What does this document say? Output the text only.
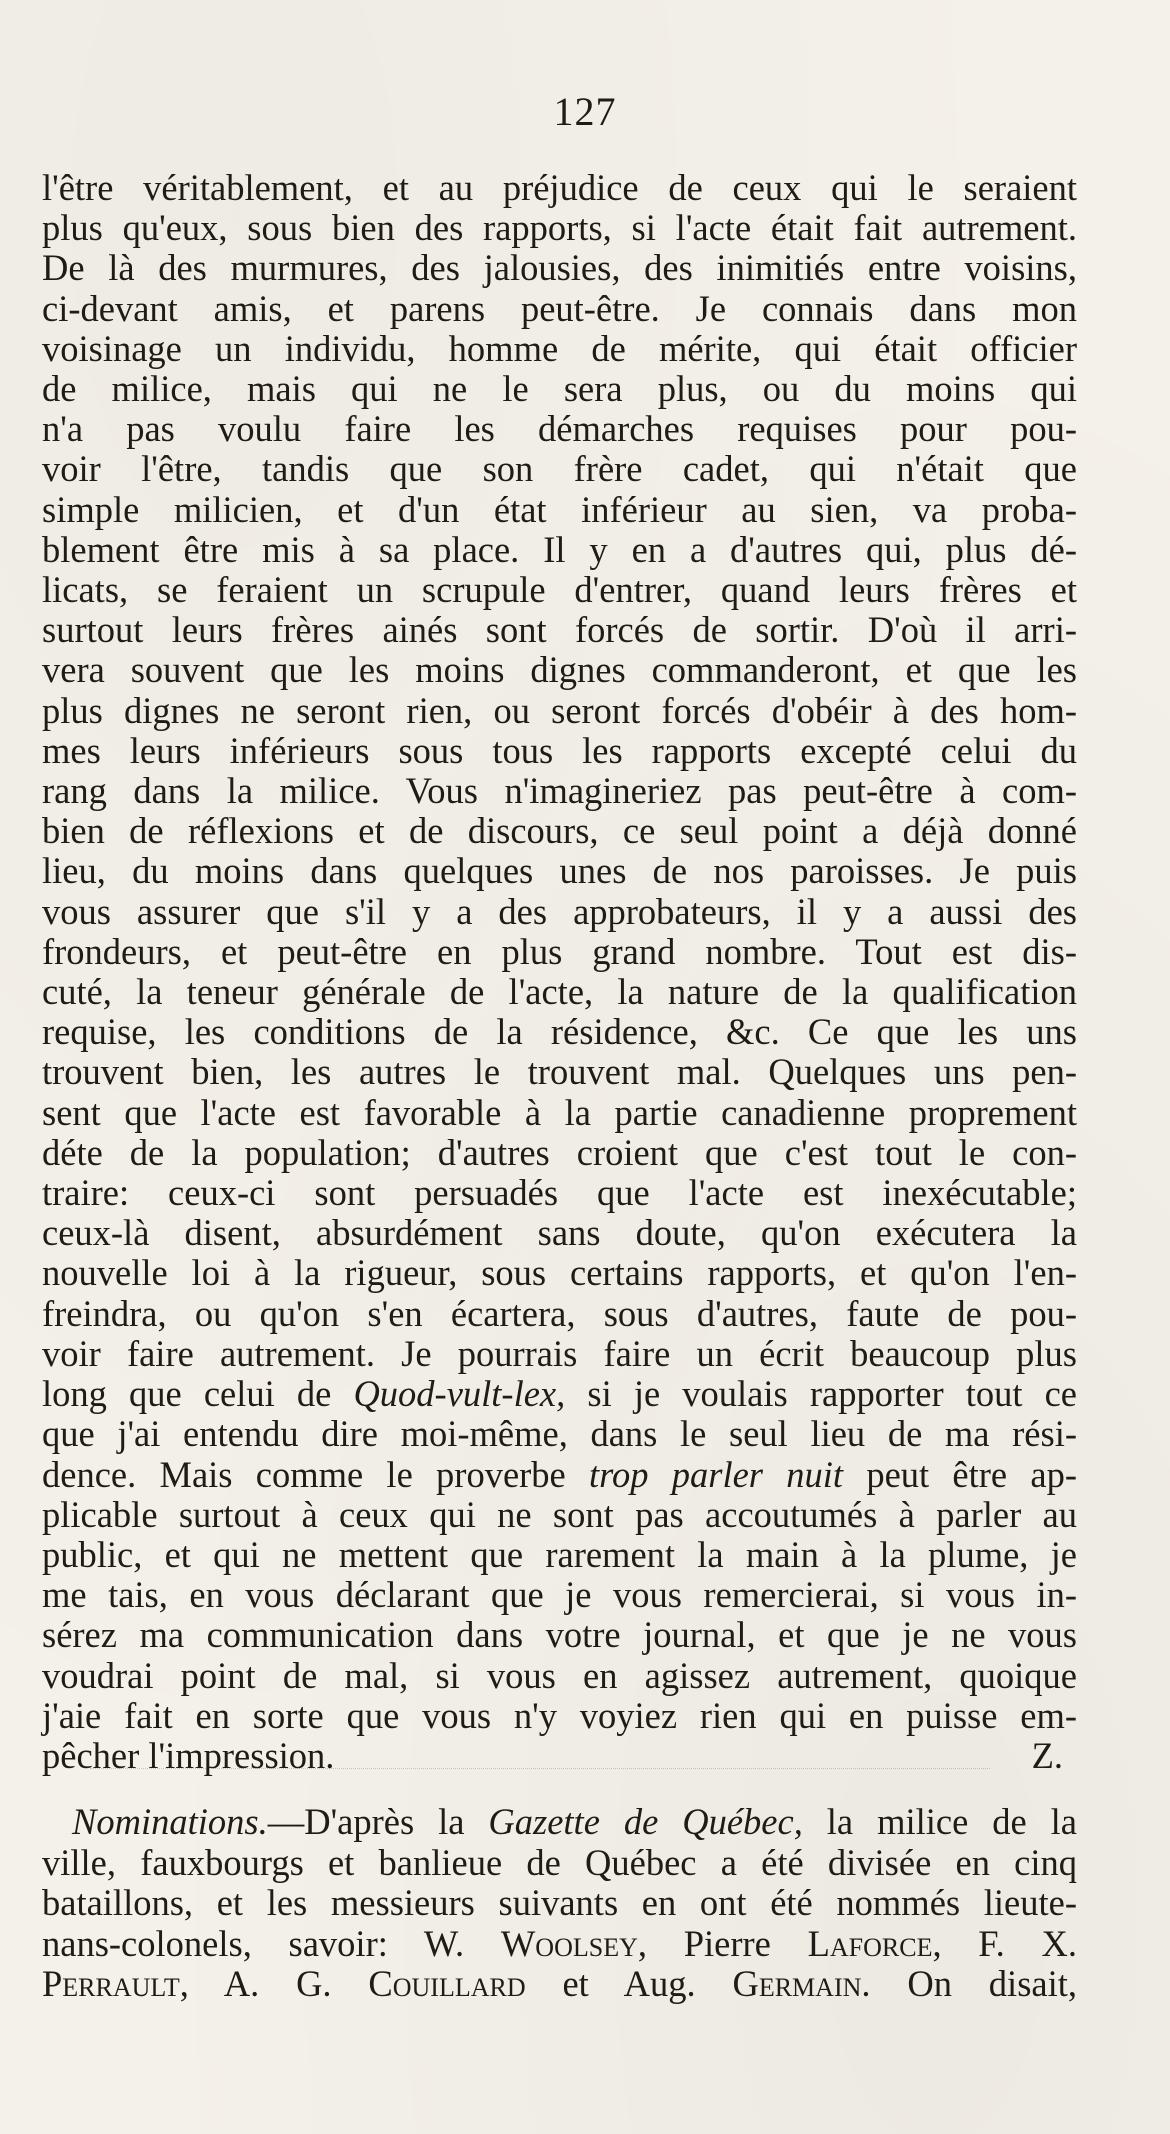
127
l'être véritablement, et au préjudice de ceux qui le seraient
plus qu'eux, sous bien des rapports, si l'acte était fait autrement.
De là des murmures, des jalousies, des inimitiés entre voisins,
ci-devant amis, et parens peut-être. Je connais dans mon
voisinage un individu, homme de mérite, qui était officier
de milice, mais qui ne le sera plus, ou du moins qui
n'a pas voulu faire les démarches requises pour pou-
voir l'être, tandis que son frère cadet, qui n'était que
simple milicien, et d'un état inférieur au sien, va proba-
blement être mis à sa place. Il y en a d'autres qui, plus dé-
licats, se feraient un scrupule d'entrer, quand leurs frères et
surtout leurs frères ainés sont forcés de sortir. D'où il arri-
vera souvent que les moins dignes commanderont, et que les
plus dignes ne seront rien, ou seront forcés d'obéir à des hom-
mes leurs inférieurs sous tous les rapports excepté celui du
rang dans la milice. Vous n'imagineriez pas peut-être à com-
bien de réflexions et de discours, ce seul point a déjà donné
lieu, du moins dans quelques unes de nos paroisses. Je puis
vous assurer que s'il y a des approbateurs, il y a aussi des
frondeurs, et peut-être en plus grand nombre. Tout est dis-
cuté, la teneur générale de l'acte, la nature de la qualification
requise, les conditions de la résidence, &c. Ce que les uns
trouvent bien, les autres le trouvent mal. Quelques uns pen-
sent que l'acte est favorable à la partie canadienne proprement
déte de la population; d'autres croient que c'est tout le con-
traire: ceux-ci sont persuadés que l'acte est inexécutable;
ceux-là disent, absurdément sans doute, qu'on exécutera la
nouvelle loi à la rigueur, sous certains rapports, et qu'on l'en-
freindra, ou qu'on s'en écartera, sous d'autres, faute de pou-
voir faire autrement. Je pourrais faire un écrit beaucoup plus
long que celui de Quod-vult-lex, si je voulais rapporter tout ce
que j'ai entendu dire moi-même, dans le seul lieu de ma rési-
dence. Mais comme le proverbe trop parler nuit peut être ap-
plicable surtout à ceux qui ne sont pas accoutumés à parler au
public, et qui ne mettent que rarement la main à la plume, je
me tais, en vous déclarant que je vous remercierai, si vous in-
sérez ma communication dans votre journal, et que je ne vous
voudrai point de mal, si vous en agissez autrement, quoique
j'aie fait en sorte que vous n'y voyiez rien qui en puisse em-
pêcher l'impression.	Z.
Nominations.—D'après la Gazette de Québec, la milice de la
ville, fauxbourgs et banlieue de Québec a été divisée en cinq
bataillons, et les messieurs suivants en ont été nommés lieute-
nans-colonels, savoir: W. Woolsey, Pierre Laforce, F. X.
Perrault, A. G. Couillard et Aug. Germain. On disait,
